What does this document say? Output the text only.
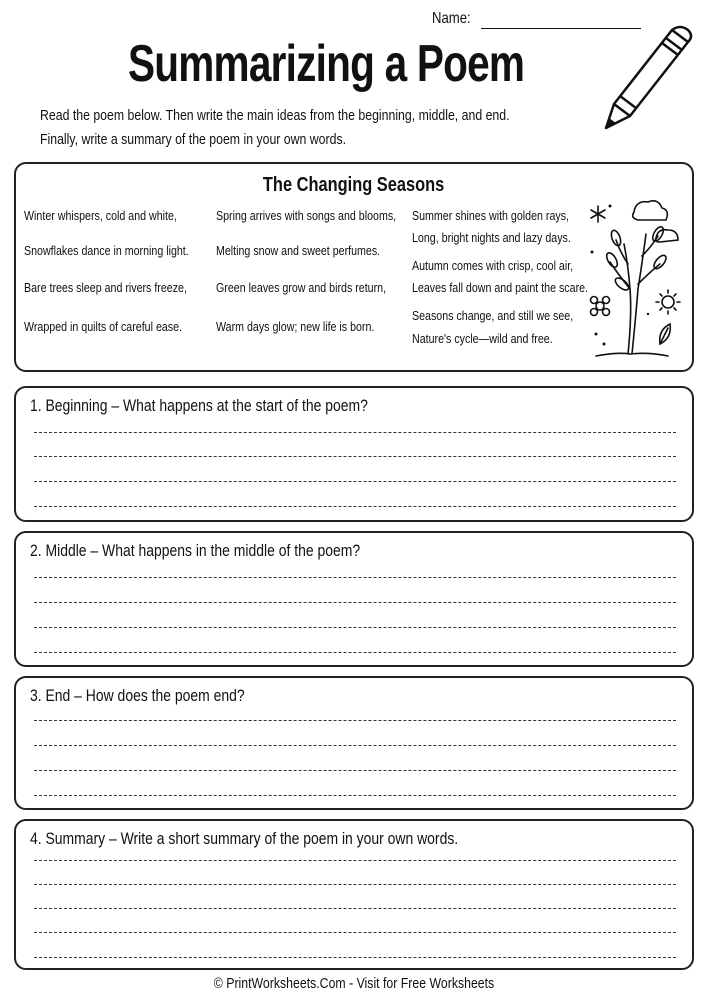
Name:
Summarizing a Poem
Read the poem below. Then write the main ideas from the beginning, middle, and end.
Finally, write a summary of the poem in your own words.
The Changing Seasons
Winter whispers, cold and white,
Snowflakes dance in morning light.
Bare trees sleep and rivers freeze,
Wrapped in quilts of careful ease.
Spring arrives with songs and blooms,
Melting snow and sweet perfumes.
Green leaves grow and birds return,
Warm days glow; new life is born.
Summer shines with golden rays,
Long, bright nights and lazy days.
Autumn comes with crisp, cool air,
Leaves fall down and paint the scare.
Seasons change, and still we see,
Nature's cycle—wild and free.
1. Beginning – What happens at the start of the poem?
2. Middle – What happens in the middle of the poem?
3. End – How does the poem end?
4. Summary – Write a short summary of the poem in your own words.
© PrintWorksheets.Com - Visit for Free Worksheets
